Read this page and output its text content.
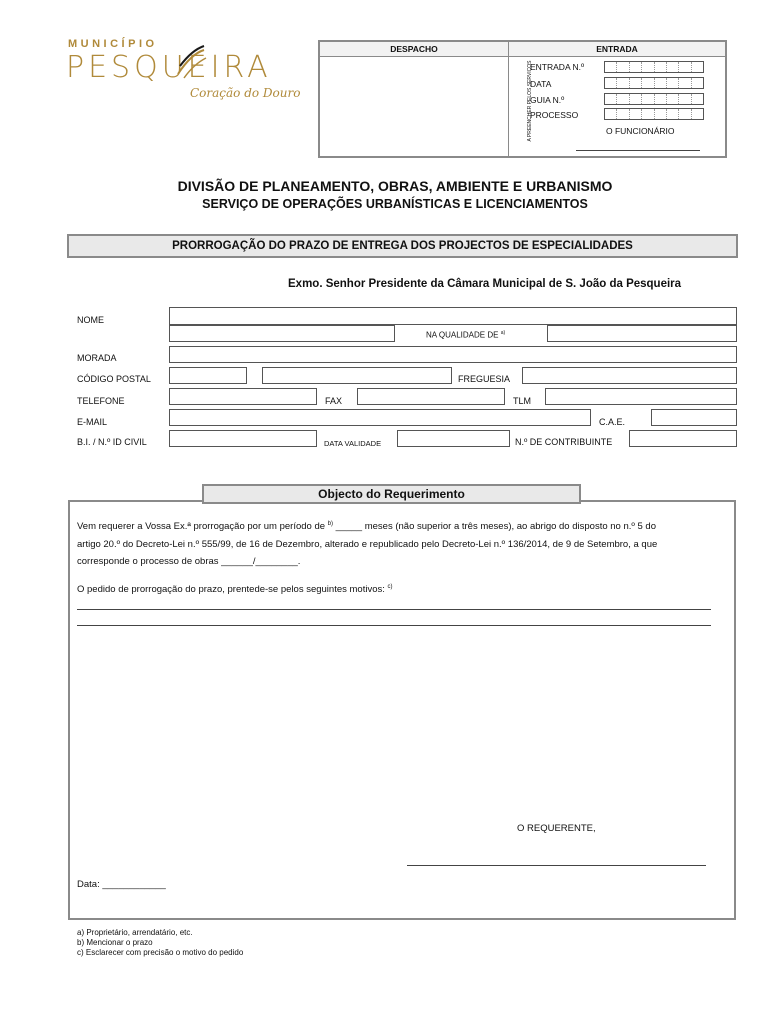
MUNICÍPIO
PESQUEIRA
Coração do Douro
DESPACHO	ENTRADA
A PREENCHER PELOS SERVIÇOS
ENTRADA N.º
DATA
GUIA N.º
PROCESSO
O FUNCIONÁRIO
DIVISÃO DE PLANEAMENTO, OBRAS, AMBIENTE E URBANISMO
SERVIÇO DE OPERAÇÕES URBANÍSTICAS E LICENCIAMENTOS
PRORROGAÇÃO DO PRAZO DE ENTREGA DOS PROJECTOS DE ESPECIALIDADES
Exmo. Senhor Presidente da Câmara Municipal de S. João da Pesqueira
NOME
NA QUALIDADE DE $^{a)}$
MORADA
CÓDIGO POSTAL	FREGUESIA
TELEFONE	FAX	TLM
E-MAIL	C.A.E.
B.I. / N.º ID CIVIL	DATA VALIDADE	N.º DE CONTRIBUINTE
Objecto do Requerimento
Vem requerer a Vossa Ex.ª prorrogação por um período de $^{b)}$ _____ meses (não superior a três meses), ao abrigo do disposto no n.º 5 do
artigo 20.º do Decreto-Lei n.º 555/99, de 16 de Dezembro, alterado e republicado pelo Decreto-Lei n.º 136/2014, de 9 de Setembro, a que
corresponde o processo de obras ______/________.
O pedido de prorrogação do prazo, prentede-se pelos seguintes motivos: $^{c)}$
O REQUERENTE,
Data: ____________
a) Proprietário, arrendatário, etc.
b) Mencionar o prazo
c) Esclarecer com precisão o motivo do pedido
